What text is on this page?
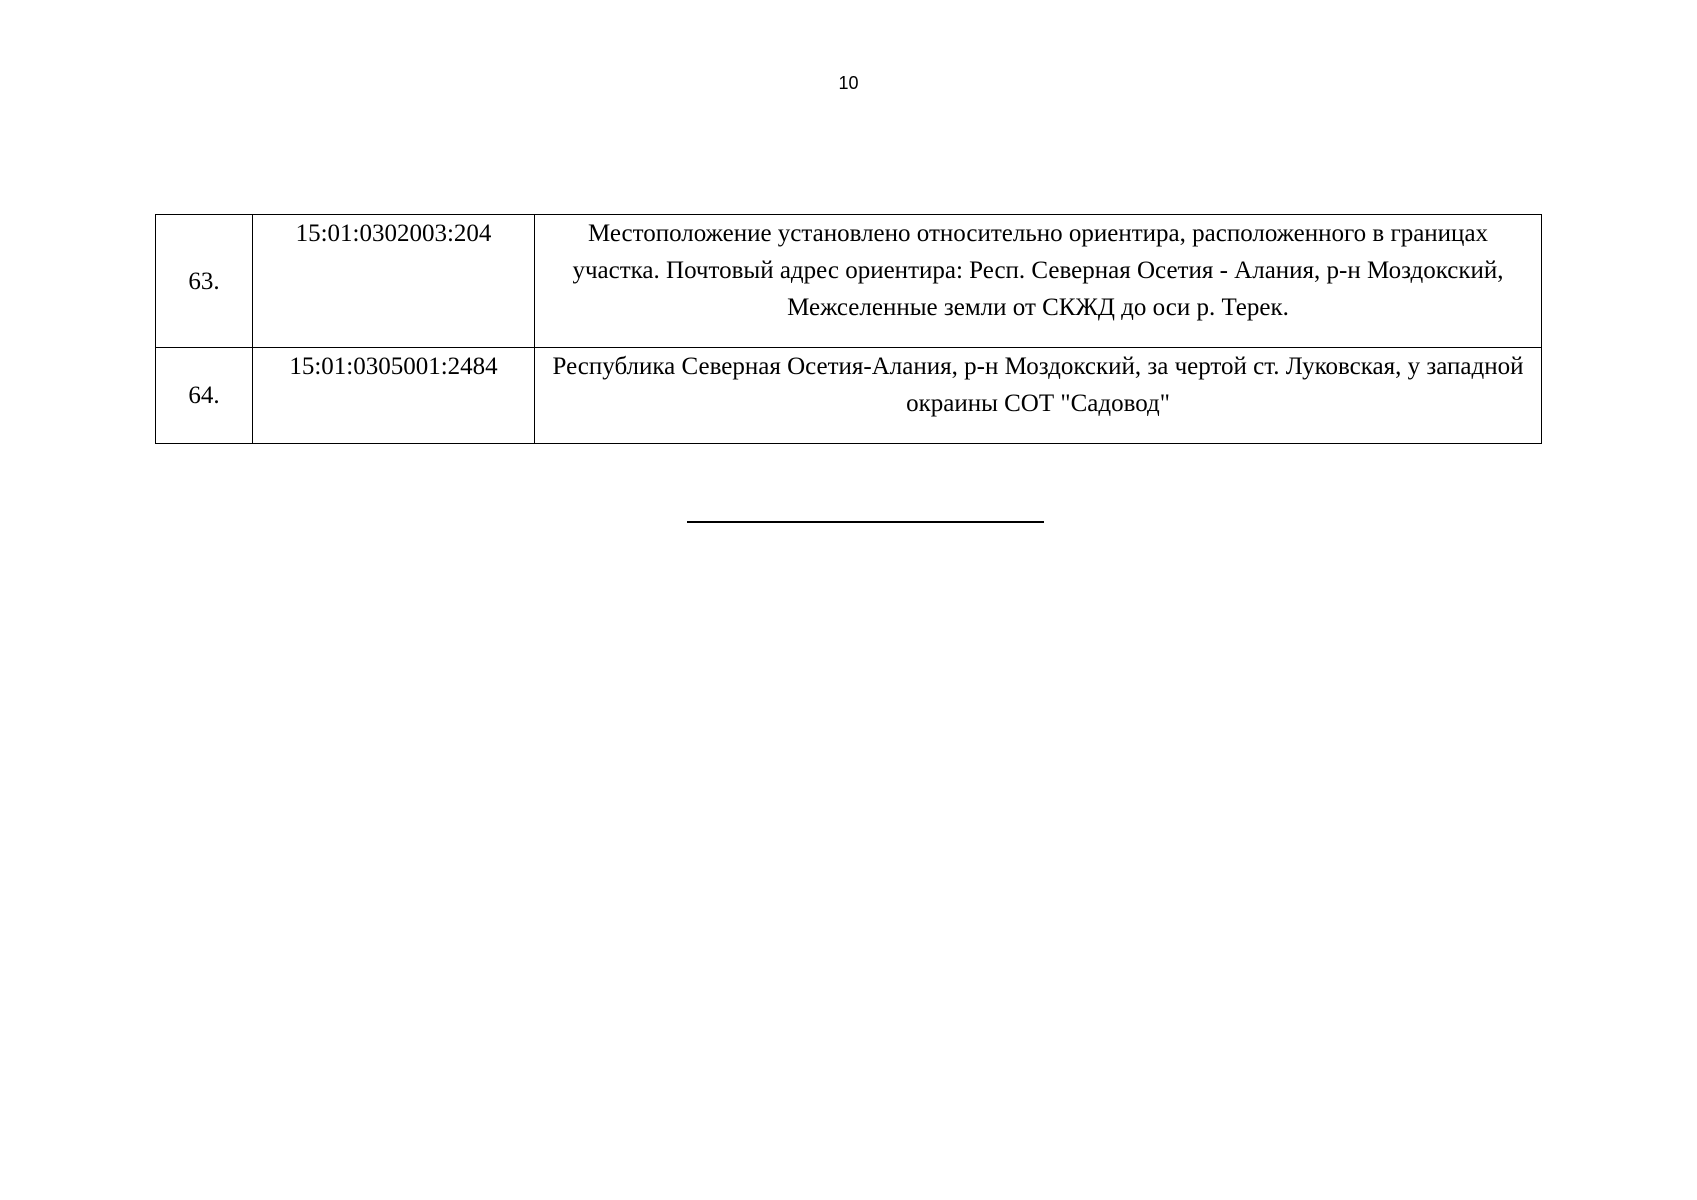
10
63.	15:01:0302003:204	Местоположение установлено относительно ориентира, расположенного в границах участка. Почтовый адрес ориентира: Респ. Северная Осетия - Алания, р-н Моздокский, Межселенные земли от СКЖД до оси р. Терек.
64.	15:01:0305001:2484	Республика Северная Осетия-Алания, р-н Моздокский, за чертой ст. Луковская, у западной окраины СОТ "Садовод"
